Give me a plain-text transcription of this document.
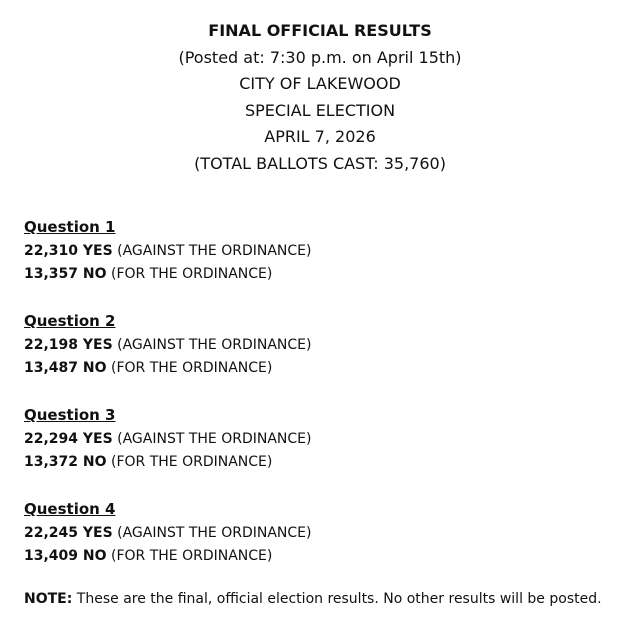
FINAL OFFICIAL RESULTS
(Posted at: 7:30 p.m. on April 15th)
CITY OF LAKEWOOD
SPECIAL ELECTION
APRIL 7, 2026
(TOTAL BALLOTS CAST: 35,760)
Question 1
22,310 YES (AGAINST THE ORDINANCE)
13,357 NO (FOR THE ORDINANCE)
Question 2
22,198 YES (AGAINST THE ORDINANCE)
13,487 NO (FOR THE ORDINANCE)
Question 3
22,294 YES (AGAINST THE ORDINANCE)
13,372 NO (FOR THE ORDINANCE)
Question 4
22,245 YES (AGAINST THE ORDINANCE)
13,409 NO (FOR THE ORDINANCE)
NOTE: These are the final, official election results. No other results will be posted.
